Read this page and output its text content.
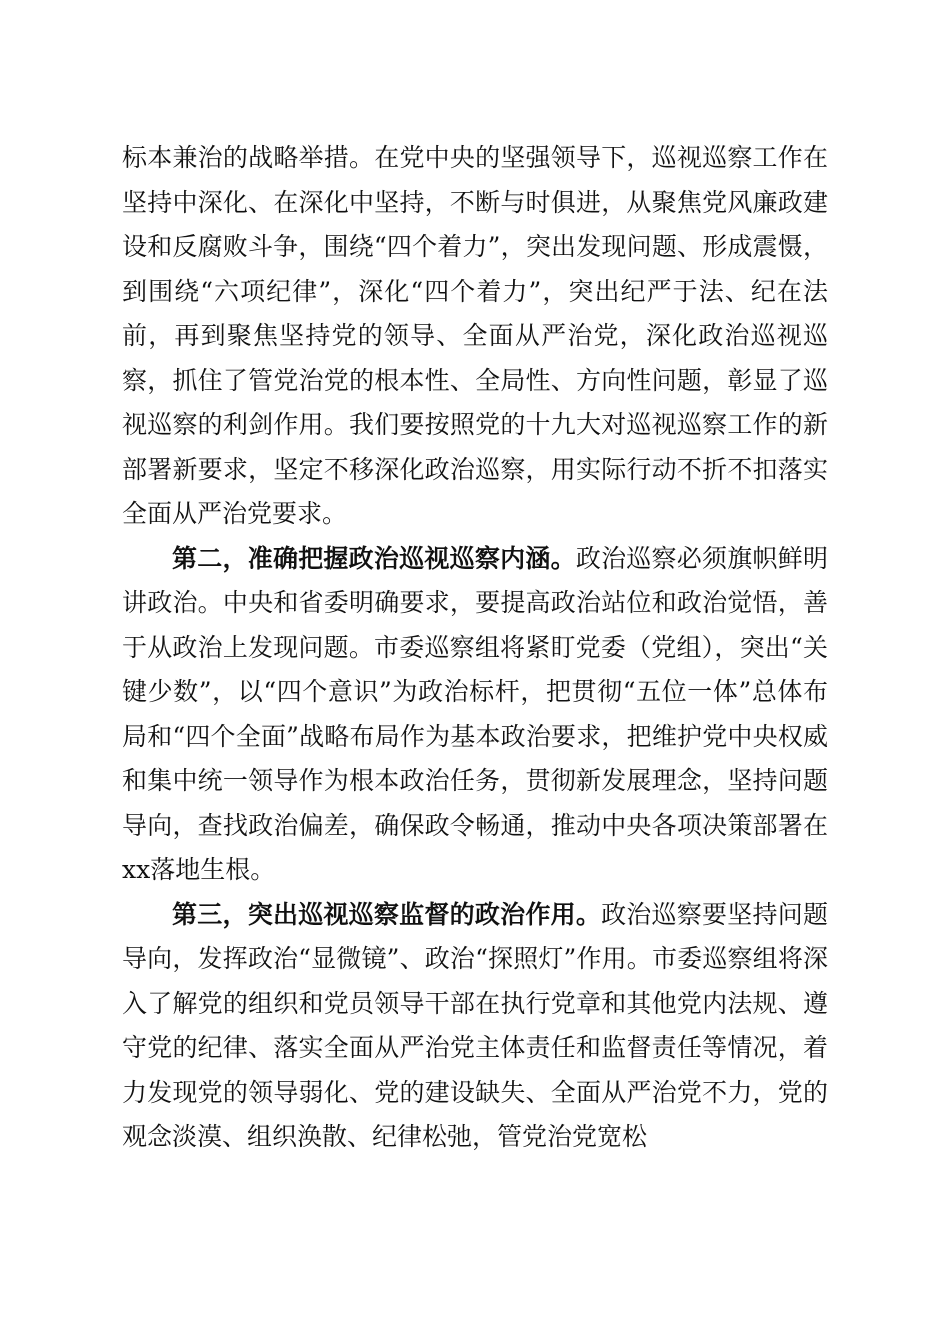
标本兼治的战略举措。在党中央的坚强领导下，巡视巡察工作在坚持中深化、在深化中坚持，不断与时俱进，从聚焦党风廉政建设和反腐败斗争，围绕“四个着力”，突出发现问题、形成震慑，到围绕“六项纪律”，深化“四个着力”，突出纪严于法、纪在法前，再到聚焦坚持党的领导、全面从严治党，深化政治巡视巡察，抓住了管党治党的根本性、全局性、方向性问题，彰显了巡视巡察的利剑作用。我们要按照党的十九大对巡视巡察工作的新部署新要求，坚定不移深化政治巡察，用实际行动不折不扣落实全面从严治党要求。

第二，准确把握政治巡视巡察内涵。政治巡察必须旗帜鲜明讲政治。中央和省委明确要求，要提高政治站位和政治觉悟，善于从政治上发现问题。市委巡察组将紧盯党委（党组），突出“关键少数”，以“四个意识”为政治标杆，把贯彻“五位一体”总体布局和“四个全面”战略布局作为基本政治要求，把维护党中央权威和集中统一领导作为根本政治任务，贯彻新发展理念，坚持问题导向，查找政治偏差，确保政令畅通，推动中央各项决策部署在xx落地生根。

第三，突出巡视巡察监督的政治作用。政治巡察要坚持问题导向，发挥政治“显微镜”、政治“探照灯”作用。市委巡察组将深入了解党的组织和党员领导干部在执行党章和其他党内法规、遵守党的纪律、落实全面从严治党主体责任和监督责任等情况，着力发现党的领导弱化、党的建设缺失、全面从严治党不力，党的观念淡漠、组织涣散、纪律松弛，管党治党宽松
